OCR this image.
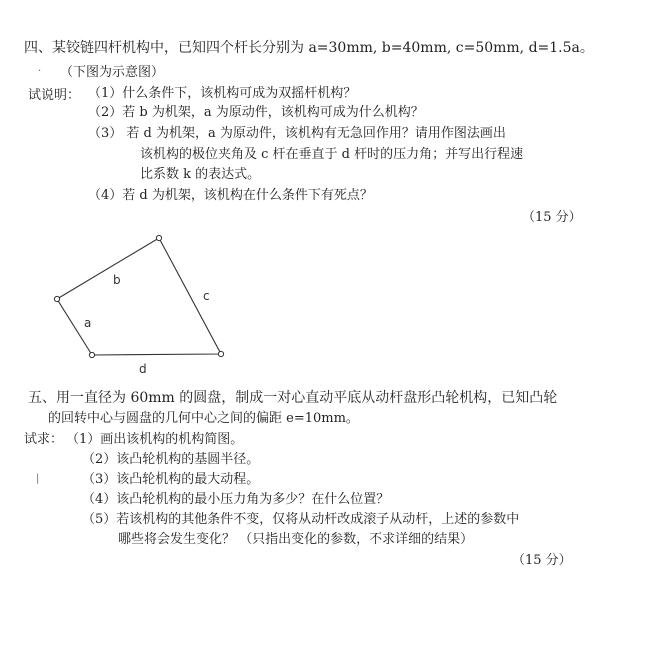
四、某铰链四杆机构中，已知四个杆长分别为 a=30mm, b=40mm, c=50mm, d=1.5a。
· （下图为示意图）
试说明： （1）什么条件下，该机构可成为双摇杆机构？
（2）若 b 为机架，a 为原动件，该机构可成为什么机构？
（3） 若 d 为机架，a 为原动件，该机构有无急回作用？请用作图法画出
该机构的极位夹角及 c 杆在垂直于 d 杆时的压力角；并写出行程速
比系数 k 的表达式。
（4）若 d 为机架，该机构在什么条件下有死点？
（15 分）
b
c
a
d
五、用一直径为 60mm 的圆盘，制成一对心直动平底从动杆盘形凸轮机构，已知凸轮
的回转中心与圆盘的几何中心之间的偏距 e=10mm。
试求： （1）画出该机构的机构简图。
（2）该凸轮机构的基圆半径。
|	（3）该凸轮机构的最大动程。
（4）该凸轮机构的最小压力角为多少？在什么位置？
（5）若该机构的其他条件不变，仅将从动杆改成滚子从动杆，上述的参数中
哪些将会发生变化？ （只指出变化的参数，不求详细的结果）
（15 分）
